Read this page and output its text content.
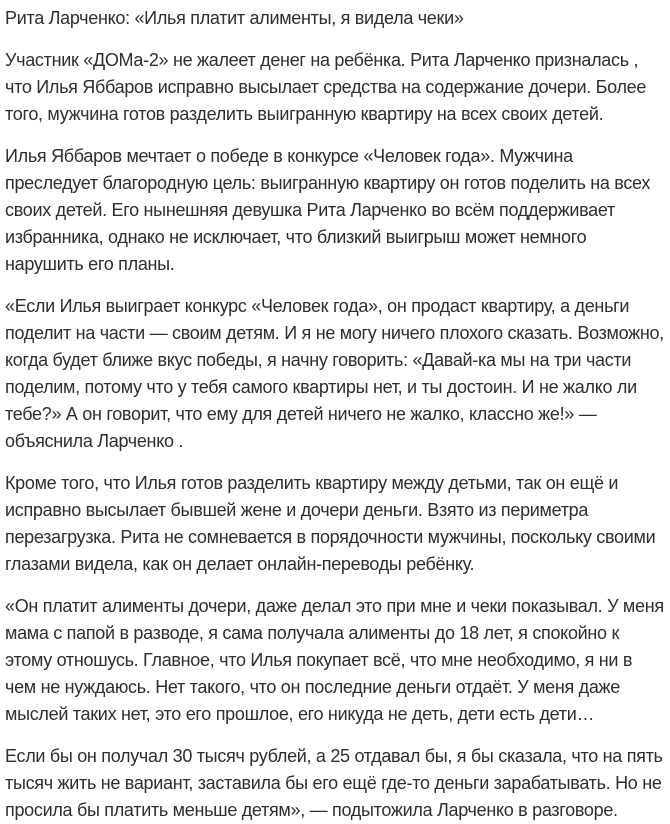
Рита Ларченко: «Илья платит алименты, я видела чеки»

Участник «ДОМа-2» не жалеет денег на ребёнка. Рита Ларченко призналась , что Илья Яббаров исправно высылает средства на содержание дочери. Более того, мужчина готов разделить выигранную квартиру на всех своих детей.

Илья Яббаров мечтает о победе в конкурсе «Человек года». Мужчина преследует благородную цель: выигранную квартиру он готов поделить на всех своих детей. Его нынешняя девушка Рита Ларченко во всём поддерживает избранника, однако не исключает, что близкий выигрыш может немного нарушить его планы.

«Если Илья выиграет конкурс «Человек года», он продаст квартиру, а деньги поделит на части — своим детям. И я не могу ничего плохого сказать. Возможно, когда будет ближе вкус победы, я начну говорить: «Давай-ка мы на три части поделим, потому что у тебя самого квартиры нет, и ты достоин. И не жалко ли тебе?» А он говорит, что ему для детей ничего не жалко, классно же!» — объяснила Ларченко .

Кроме того, что Илья готов разделить квартиру между детьми, так он ещё и исправно высылает бывшей жене и дочери деньги. Взято из периметра перезагрузка. Рита не сомневается в порядочности мужчины, поскольку своими глазами видела, как он делает онлайн-переводы ребёнку.

«Он платит алименты дочери, даже делал это при мне и чеки показывал. У меня мама с папой в разводе, я сама получала алименты до 18 лет, я спокойно к этому отношусь. Главное, что Илья покупает всё, что мне необходимо, я ни в чем не нуждаюсь. Нет такого, что он последние деньги отдаёт. У меня даже мыслей таких нет, это его прошлое, его никуда не деть, дети есть дети…

Если бы он получал 30 тысяч рублей, а 25 отдавал бы, я бы сказала, что на пять тысяч жить не вариант, заставила бы его ещё где-то деньги зарабатывать. Но не просила бы платить меньше детям», — подытожила Ларченко в разговоре.
